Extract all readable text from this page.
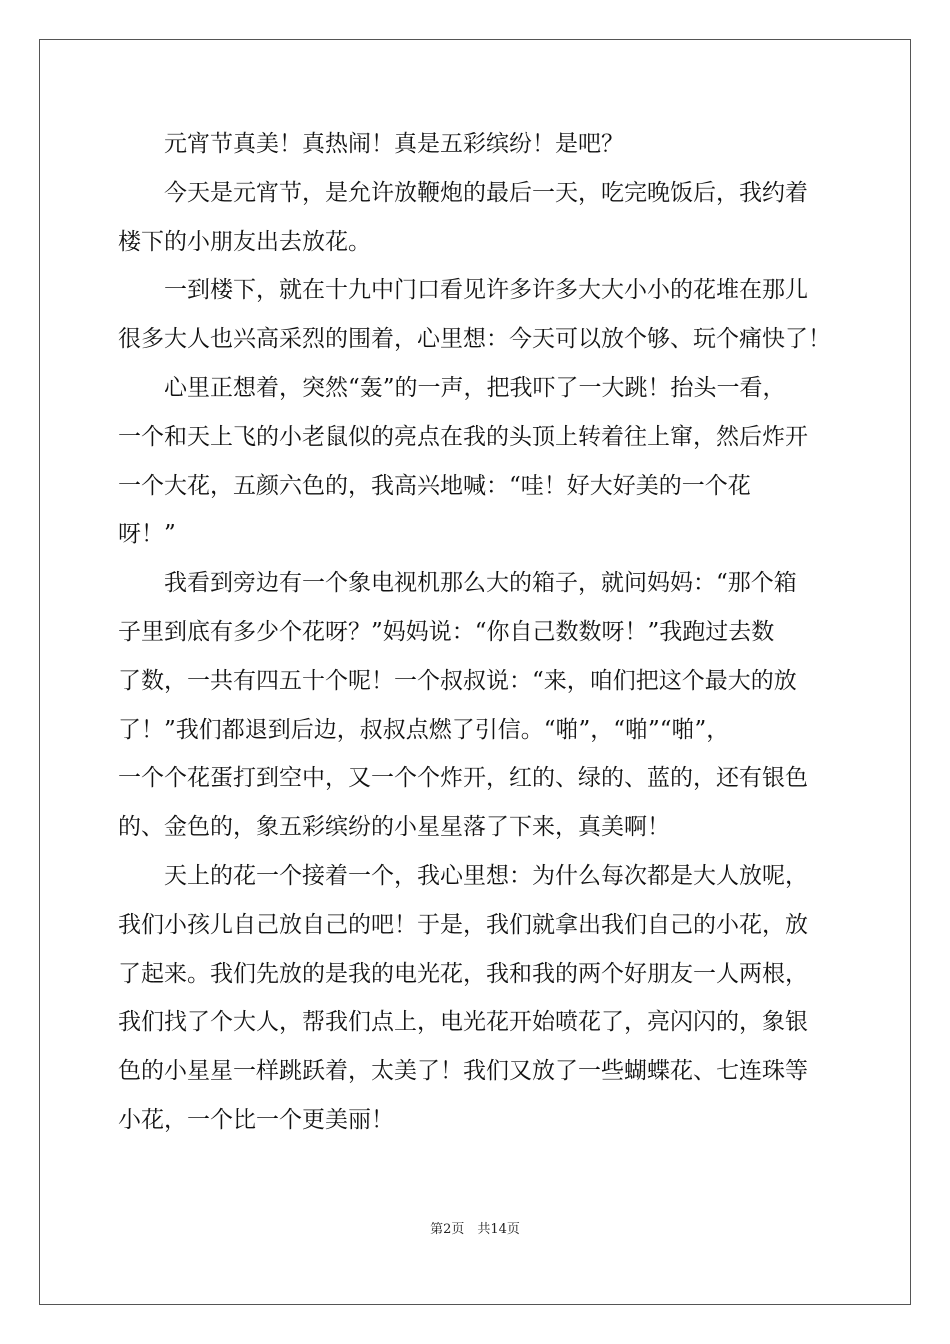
元宵节真美！真热闹！真是五彩缤纷！是吧？

今天是元宵节，是允许放鞭炮的最后一天，吃完晚饭后，我约着
楼下的小朋友出去放花。

一到楼下，就在十九中门口看见许多许多大大小小的花堆在那儿
很多大人也兴高采烈的围着，心里想：今天可以放个够、玩个痛快了！

心里正想着，突然“轰”的一声，把我吓了一大跳！抬头一看，
一个和天上飞的小老鼠似的亮点在我的头顶上转着往上窜，然后炸开
一个大花，五颜六色的，我高兴地喊：“哇！好大好美的一个花
呀！”

我看到旁边有一个象电视机那么大的箱子，就问妈妈：“那个箱
子里到底有多少个花呀？”妈妈说：“你自己数数呀！”我跑过去数
了数，一共有四五十个呢！一个叔叔说：“来，咱们把这个最大的放
了！”我们都退到后边，叔叔点燃了引信。“啪”，“啪”“啪”，
一个个花蛋打到空中，又一个个炸开，红的、绿的、蓝的，还有银色
的、金色的，象五彩缤纷的小星星落了下来，真美啊！

天上的花一个接着一个，我心里想：为什么每次都是大人放呢，
我们小孩儿自己放自己的吧！于是，我们就拿出我们自己的小花，放
了起来。我们先放的是我的电光花，我和我的两个好朋友一人两根，
我们找了个大人，帮我们点上，电光花开始喷花了，亮闪闪的，象银
色的小星星一样跳跃着，太美了！我们又放了一些蝴蝶花、七连珠等
小花，一个比一个更美丽！

第2页　共14页
